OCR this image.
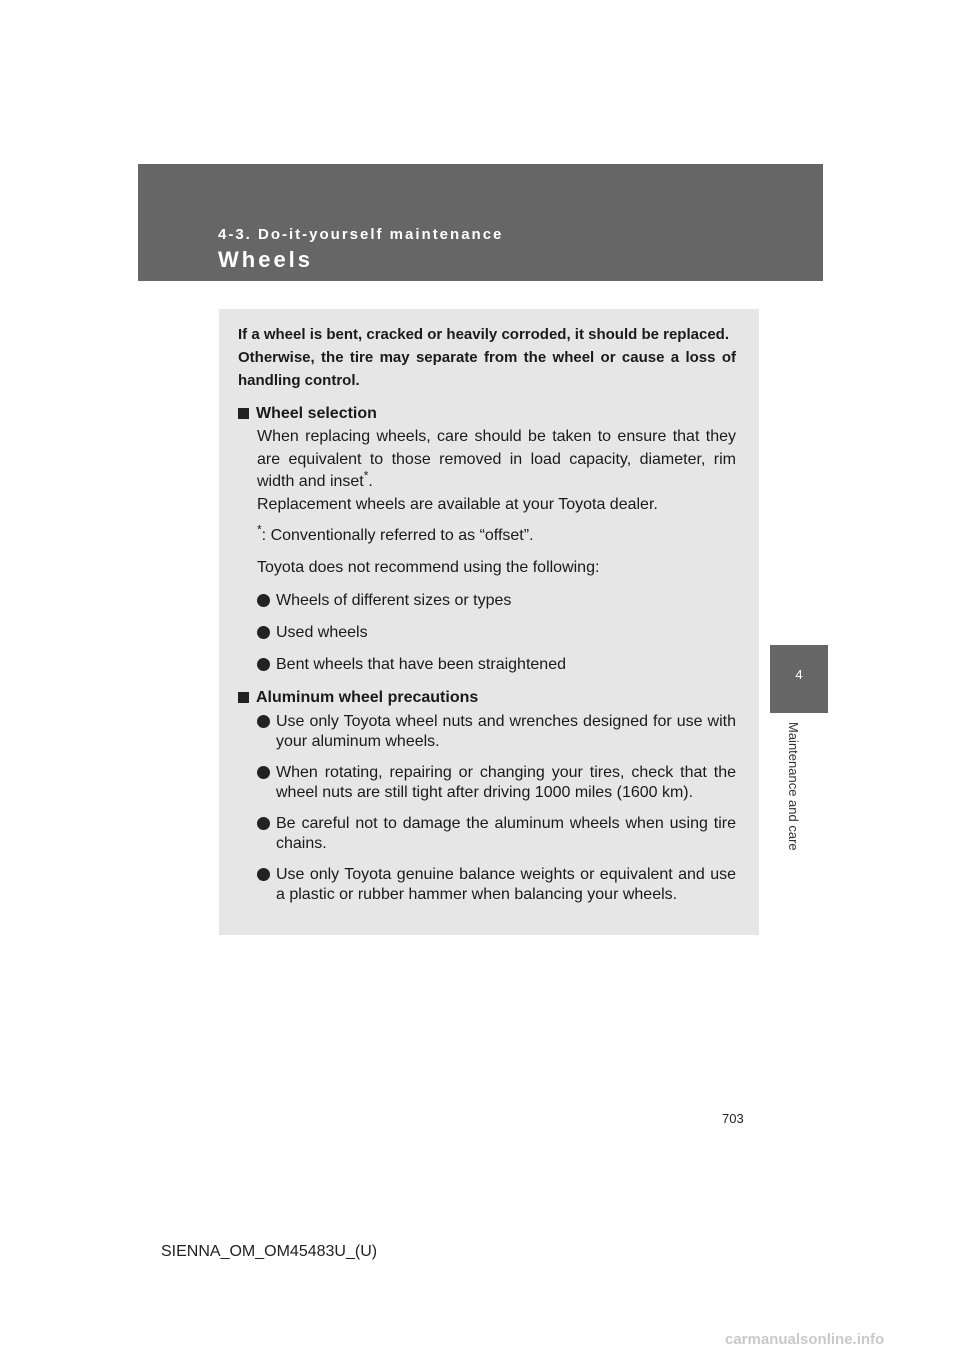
4-3. Do-it-yourself maintenance
Wheels
4
Maintenance and care

If a wheel is bent, cracked or heavily corroded, it should be replaced.

Otherwise, the tire may separate from the wheel or cause a loss of handling control.

Wheel selection

When replacing wheels, care should be taken to ensure that they are equivalent to those removed in load capacity, diameter, rim width and inset*.

Replacement wheels are available at your Toyota dealer.

*: Conventionally referred to as “offset”.

Toyota does not recommend using the following:

Wheels of different sizes or types
Used wheels
Bent wheels that have been straightened
Aluminum wheel precautions
Use only Toyota wheel nuts and wrenches designed for use with your aluminum wheels.
When rotating, repairing or changing your tires, check that the wheel nuts are still tight after driving 1000 miles (1600 km).
Be careful not to damage the aluminum wheels when using tire chains.
Use only Toyota genuine balance weights or equivalent and use a plastic or rubber hammer when balancing your wheels.
703
SIENNA_OM_OM45483U_(U)
carmanualsonline.info
